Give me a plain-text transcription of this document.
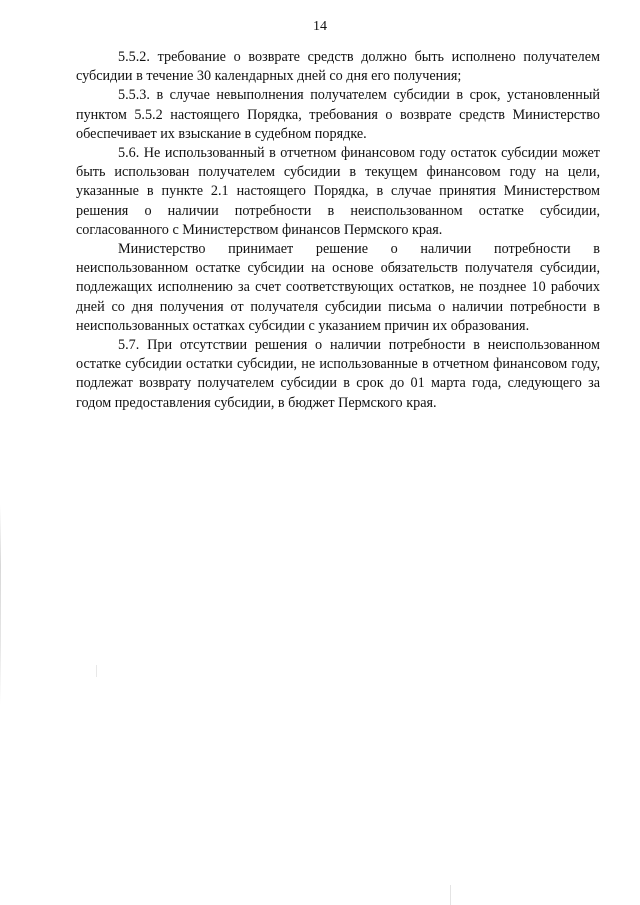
14

5.5.2. требование о возврате средств должно быть исполнено получателем субсидии в течение 30 календарных дней со дня его получения;

5.5.3. в случае невыполнения получателем субсидии в срок, установленный пунктом 5.5.2 настоящего Порядка, требования о возврате средств Министерство обеспечивает их взыскание в судебном порядке.

5.6. Не использованный в отчетном финансовом году остаток субсидии может быть использован получателем субсидии в текущем финансовом году на цели, указанные в пункте 2.1 настоящего Порядка, в случае принятия Министерством решения о наличии потребности в неиспользованном остатке субсидии, согласованного с Министерством финансов Пермского края.

Министерство принимает решение о наличии потребности в неиспользованном остатке субсидии на основе обязательств получателя субсидии, подлежащих исполнению за счет соответствующих остатков, не позднее 10 рабочих дней со дня получения от получателя субсидии письма о наличии потребности в неиспользованных остатках субсидии с указанием причин их образования.

5.7. При отсутствии решения о наличии потребности в неиспользованном остатке субсидии остатки субсидии, не использованные в отчетном финансовом году, подлежат возврату получателем субсидии в срок до 01 марта года, следующего за годом предоставления субсидии, в бюджет Пермского края.
